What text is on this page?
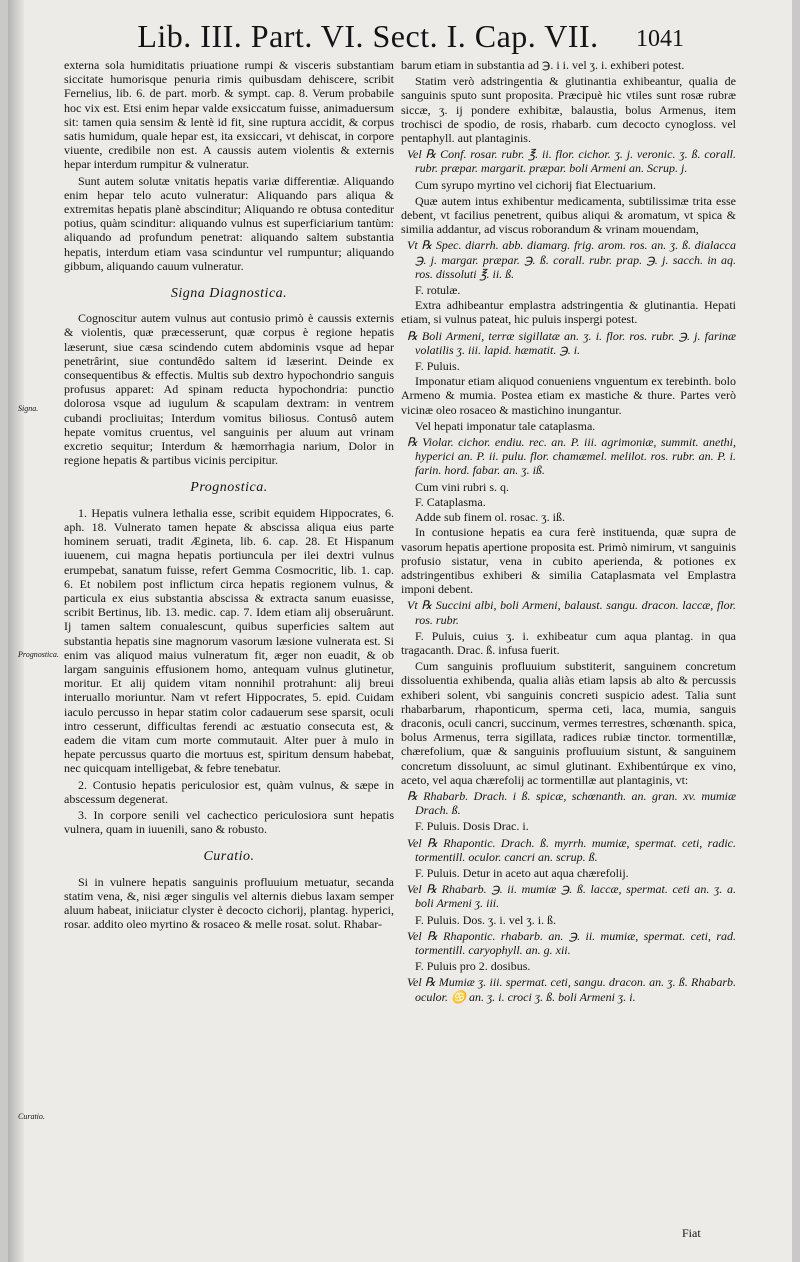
Lib. III. Part. VI. Sect. I. Cap. VII.	1041
Signa.
Prognostica.
Curatio.

externa sola humiditatis priuatione rumpi & visceris substantiam siccitate humorisque penuria rimis quibusdam dehiscere, scribit Fernelius, lib. 6. de part. morb. & sympt. cap. 8. Verum probabile hoc vix est. Etsi enim hepar valde exsiccatum fuisse, animaduersum sit: tamen quia sensim & lentè id fit, sine ruptura accidit, & corpus satis humidum, quale hepar est, ita exsiccari, vt dehiscat, in corpore viuente, credibile non est. A caussis autem violentis & externis hepar interdum rumpitur & vulneratur.

Sunt autem solutæ vnitatis hepatis variæ differentiæ. Aliquando enim hepar telo acuto vulneratur: Aliquando pars aliqua & extremitas hepatis planè abscinditur; Aliquando re obtusa conteditur potius, quàm scinditur: aliquando vulnus est superficiarium tantùm: aliquando ad profundum penetrat: aliquando saltem substantia hepatis, interdum etiam vasa scinduntur vel rumpuntur; aliquando gibbum, aliquando cauum vulneratur.

Signa Diagnostica.

Cognoscitur autem vulnus aut contusio primò è caussis externis & violentis, quæ præcesserunt, quæ corpus è regione hepatis læserunt, siue cæsa scindendo cutem abdominis vsque ad hepar penetrârint, siue contundêdo saltem id læserint. Deinde ex consequentibus & effectis. Multis sub dextro hypochondrio sanguis profusus apparet: Ad spinam reducta hypochondria: punctio dolorosa vsque ad iugulum & scapulam dextram: in ventrem cubandi procliuitas; Interdum vomitus biliosus. Contusô autem hepate vomitus cruentus, vel sanguinis per aluum aut vrinam excretio sequitur; Interdum & hæmorrhagia narium, Dolor in regione hepatis & partibus vicinis percipitur.

Prognostica.

1. Hepatis vulnera lethalia esse, scribit equidem Hippocrates, 6. aph. 18. Vulnerato tamen hepate & abscissa aliqua eius parte hominem seruati, tradit Ægineta, lib. 6. cap. 28. Et Hispanum iuuenem, cui magna hepatis portiuncula per ilei dextri vulnus erumpebat, sanatum fuisse, refert Gemma Cosmocritic, lib. 1. cap. 6. Et nobilem post inflictum circa hepatis regionem vulnus, & particula ex eius substantia abscissa & extracta sanum euasisse, scribit Bertinus, lib. 13. medic. cap. 7. Idem etiam alij obseruârunt. Ij tamen saltem conualescunt, quibus superficies saltem aut substantia hepatis sine magnorum vasorum læsione vulnerata est. Si enim vas aliquod maius vulneratum fit, æger non euadit, & ob largam sanguinis effusionem homo, antequam vulnus glutinetur, moritur. Et alij quidem vitam nonnihil protrahunt: alij breui interuallo moriuntur. Nam vt refert Hippocrates, 5. epid. Cuidam iaculo percusso in hepar statim color cadauerum sese sparsit, oculi intro cesserunt, difficultas ferendi ac æstuatio consecuta est, & eadem die vitam cum morte commutauit. Alter puer à mulo in hepate percussus quarto die mortuus est, spiritum densum habebat, nec quicquam intelligebat, & febre tenebatur.

2. Contusio hepatis periculosior est, quàm vulnus, & sæpe in abscessum degenerat.

3. In corpore senili vel cachectico periculosiora sunt hepatis vulnera, quam in iuuenili, sano & robusto.

Curatio.

Si in vulnere hepatis sanguinis profluuium metuatur, secanda statim vena, &, nisi æger singulis vel alternis diebus laxam semper aluum habeat, iniiciatur clyster è decocto cichorij, plantag. hyperici, rosar. addito oleo myrtino & rosaceo & melle rosat. solut. Rhabar-

barum etiam in substantia ad ℈. i i. vel ʒ. i. exhiberi potest.

Statim verò adstringentia & glutinantia exhibeantur, qualia de sanguinis sputo sunt proposita. Præcipuè hic vtiles sunt rosæ rubræ siccæ, ʒ. ij pondere exhibitæ, balaustia, bolus Armenus, item trochisci de spodio, de rosis, rhabarb. cum decocto cynogloss. vel pentaphyll. aut plantaginis.

Vel ℞ Conf. rosar. rubr. ℥. ii. flor. cichor. ʒ. j. veronic. ʒ. ß. corall. rubr. præpar. margarit. præpar. boli Armeni an. Scrup. j.

Cum syrupo myrtino vel cichorij fiat Electuarium.

Quæ autem intus exhibentur medicamenta, subtilissimæ trita esse debent, vt facilius penetrent, quibus aliqui & aromatum, vt spica & similia addantur, ad viscus roborandum & vrinam mouendam,

Vt ℞ Spec. diarrh. abb. diamarg. frig. arom. ros. an. ʒ. ß. dialacca ℈. j. margar. præpar. ℈. ß. corall. rubr. prap. ℈. j. sacch. in aq. ros. dissoluti ℥. ii. ß.

F. rotulæ.

Extra adhibeantur emplastra adstringentia & glutinantia. Hepati etiam, si vulnus pateat, hic puluis inspergi potest.

℞ Boli Armeni, terræ sigillatæ an. ʒ. i. flor. ros. rubr. ℈. j. farinæ volatilis ʒ. iii. lapid. hæmatit. ℈. i.

F. Puluis.

Imponatur etiam aliquod conueniens vnguentum ex terebinth. bolo Armeno & mumia. Postea etiam ex mastiche & thure. Partes verò vicinæ oleo rosaceo & mastichino inungantur.

Vel hepati imponatur tale cataplasma.

℞ Violar. cichor. endiu. rec. an. P. iii. agrimoniæ, summit. anethi, hyperici an. P. ii. pulu. flor. chamæmel. melilot. ros. rubr. an. P. i. farin. hord. fabar. an. ʒ. iß.

Cum vini rubri s. q.

F. Cataplasma.

Adde sub finem ol. rosac. ʒ. iß.

In contusione hepatis ea cura ferè instituenda, quæ supra de vasorum hepatis apertione proposita est. Primò nimirum, vt sanguinis profusio sistatur, vena in cubito aperienda, & potiones ex adstringentibus exhiberi & similia Cataplasmata vel Emplastra imponi debent.

Vt ℞ Succini albi, boli Armeni, balaust. sangu. dracon. laccæ, flor. ros. rubr.

F. Puluis, cuius ʒ. i. exhibeatur cum aqua plantag. in qua tragacanth. Drac. ß. infusa fuerit.

Cum sanguinis profluuium substiterit, sanguinem concretum dissoluentia exhibenda, qualia aliàs etiam lapsis ab alto & percussis exhiberi solent, vbi sanguinis concreti suspicio adest. Talia sunt rhabarbarum, rhaponticum, sperma ceti, laca, mumia, sanguis draconis, oculi cancri, succinum, vermes terrestres, schœnanth. spica, bolus Armenus, terra sigillata, radices rubiæ tinctor. tormentillæ, chærefolium, quæ & sanguinis profluuium sistunt, & sanguinem concretum dissoluunt, ac simul glutinant. Exhibentúrque ex vino, aceto, vel aqua chærefolij ac tormentillæ aut plantaginis, vt:

℞ Rhabarb. Drach. i ß. spicæ, schœnanth. an. gran. xv. mumiæ Drach. ß.

F. Puluis. Dosis Drac. i.

Vel ℞ Rhapontic. Drach. ß. myrrh. mumiæ, spermat. ceti, radic. tormentill. oculor. cancri an. scrup. ß.

F. Puluis. Detur in aceto aut aqua chærefolij.

Vel ℞ Rhabarb. ℈. ii. mumiæ ℈. ß. laccæ, spermat. ceti an. ʒ. a. boli Armeni ʒ. iii.

F. Puluis. Dos. ʒ. i. vel ʒ. i. ß.

Vel ℞ Rhapontic. rhabarb. an. ℈. ii. mumiæ, spermat. ceti, rad. tormentill. caryophyll. an. g. xii.

F. Puluis pro 2. dosibus.

Vel ℞ Mumiæ ʒ. iii. spermat. ceti, sangu. dracon. an. ʒ. ß. Rhabarb. oculor. ♋ an. ʒ. i. croci ʒ. ß. boli Armeni ʒ. i.

Fiat
